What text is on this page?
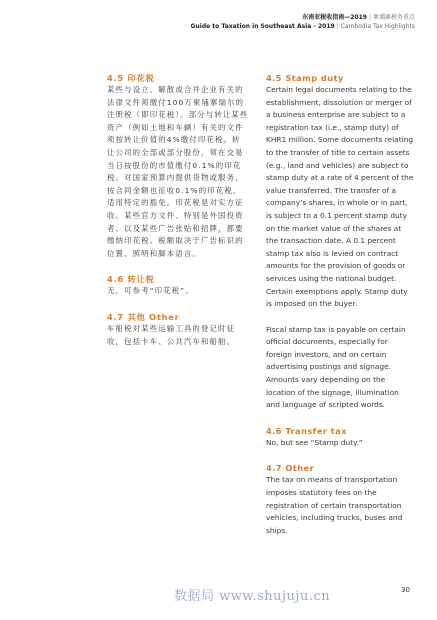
东南亚税收指南—2019 | 柬埔寨税务重点
Guide to Taxation in Southeast Asia - 2019 | Cambodia Tax Highlights
4.5 印花税

某些与设立、解散或合并企业有关的法律文件须缴付100万柬埔寨瑞尔的注册税（即印花税）。部分与转让某些资产（例如土地和车辆）有关的文件须按转让价值的4%缴付印花税。转让公司的全部或部分股份，须在交易当日按股份的市值缴付0.1%的印花税。对国家预算内提供货物或服务，按合同金额也征收0.1%的印花税。

适用特定的豁免。印花税是对实方征收。某些官方文件、特别是外国投资者、以及某些广告张贴和招牌，都要缴纳印花税。税额取决于广告标识的位置、照明和脚本语言。

4.6 转让税

无，可参考“印花税”。

4.7 其他 Other

车船税对某些运输工具的登记时征收，包括卡车、公共汽车和船舶。

4.5 Stamp duty

Certain legal documents relating to the establishment, dissolution or merger of a business enterprise are subject to a registration tax (i.e., stamp duty) of KHR1 million. Some documents relating to the transfer of title to certain assets (e.g., land and vehicles) are subject to stamp duty at a rate of 4 percent of the value transferred. The transfer of a company’s shares, in whole or in part, is subject to a 0.1 percent stamp duty on the market value of the shares at the transaction date. A 0.1 percent stamp tax also is levied on contract amounts for the provision of goods or services using the national budget. Certain exemptions apply. Stamp duty is imposed on the buyer.

Fiscal stamp tax is payable on certain official documents, especially for foreign investors, and on certain advertising postings and signage. Amounts vary depending on the location of the signage, illumination and language of scripted words.

4.6 Transfer tax

No, but see “Stamp duty.”

4.7 Other

The tax on means of transportation imposes statutory fees on the registration of certain transportation vehicles, including trucks, buses and ships.

数据局 www.shujuju.cn	30
